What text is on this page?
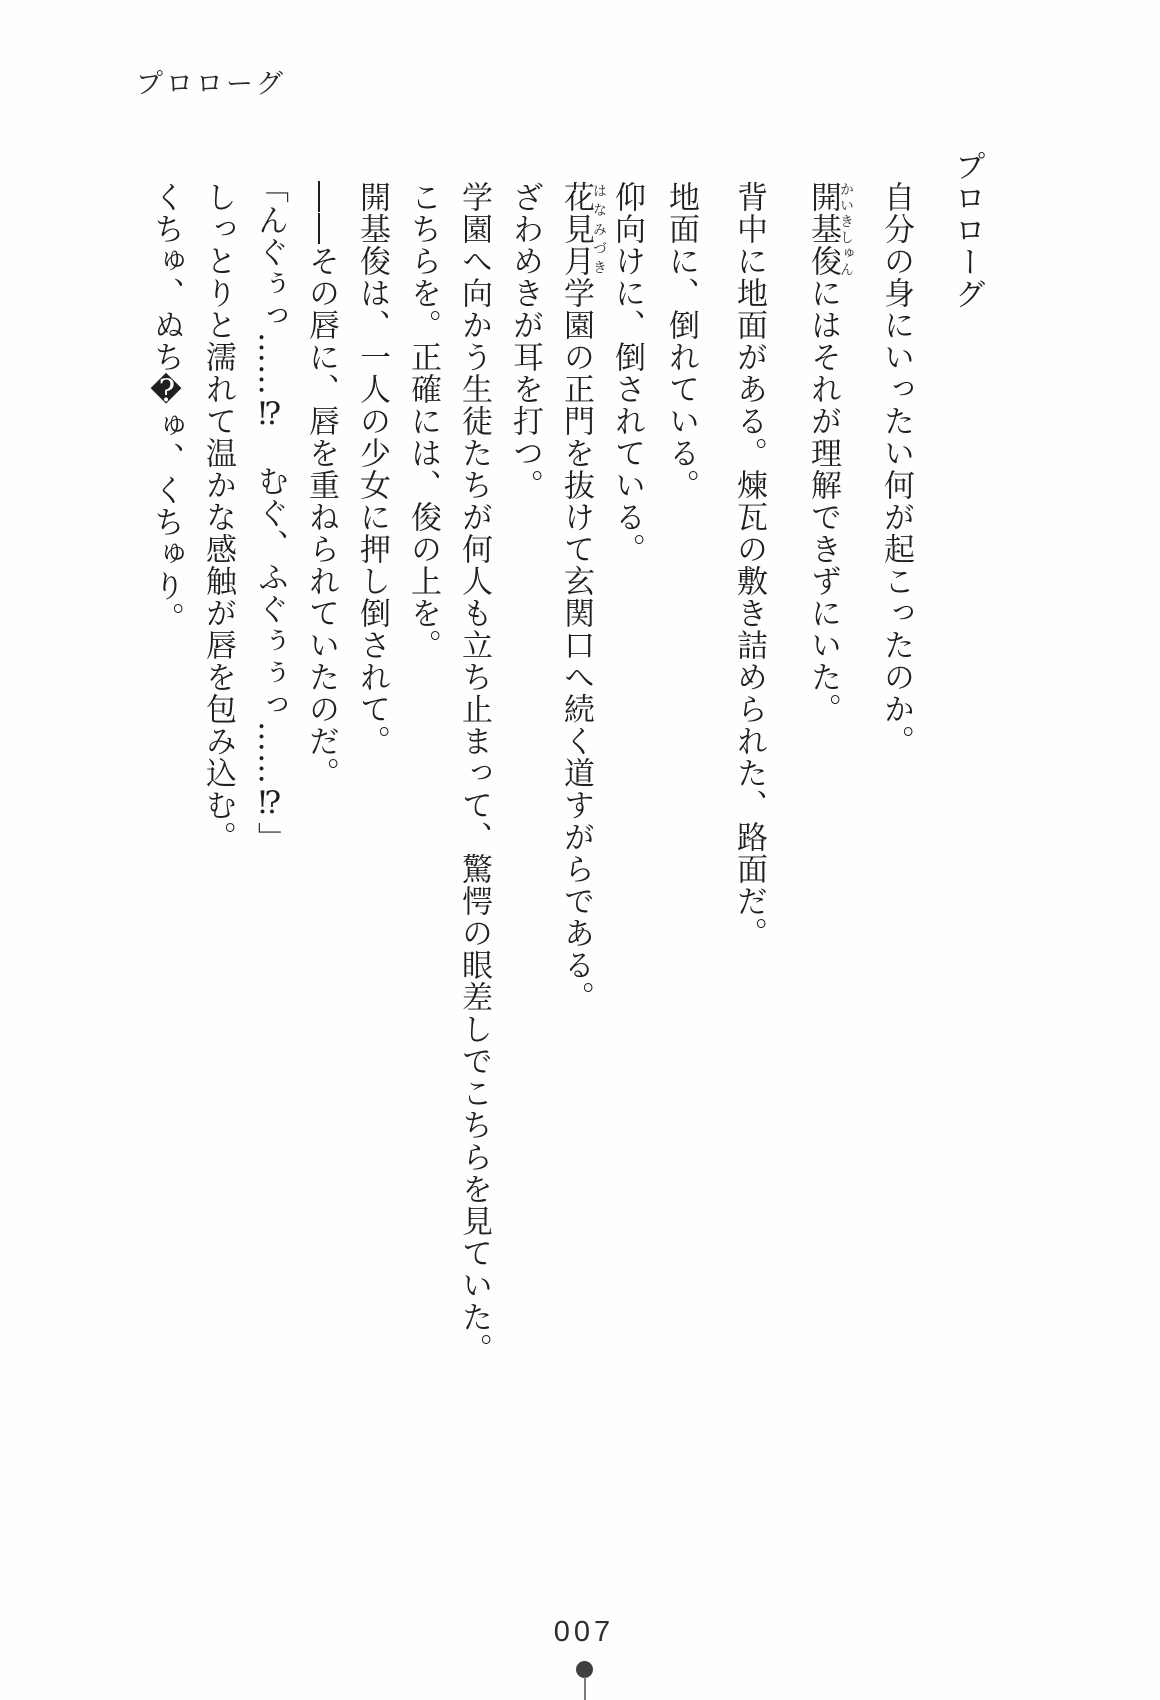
プロローグ
プロローグ

自分の身にいったい何が起こったのか。

開基俊かいきしゅんにはそれが理解できずにいた。

背中に地面がある。煉瓦の敷き詰められた、路面だ。

地面に、倒れている。

仰向けに、倒されている。

花見月はなみづき学園の正門を抜けて玄関口へ続く道すがらである。

ざわめきが耳を打つ。

学園へ向かう生徒たちが何人も立ち止まって、驚愕の眼差しでこちらを見ていた。

こちらを。正確には、俊の上を。

開基俊は、一人の少女に押し倒されて。

――その唇に、唇を重ねられていたのだ。

「んぐぅっ……⁉　むぐ、ふぐぅぅっ……⁉」

しっとりと濡れて温かな感触が唇を包み込む。

くちゅ、ぬち�ゅ、くちゅり。

007
